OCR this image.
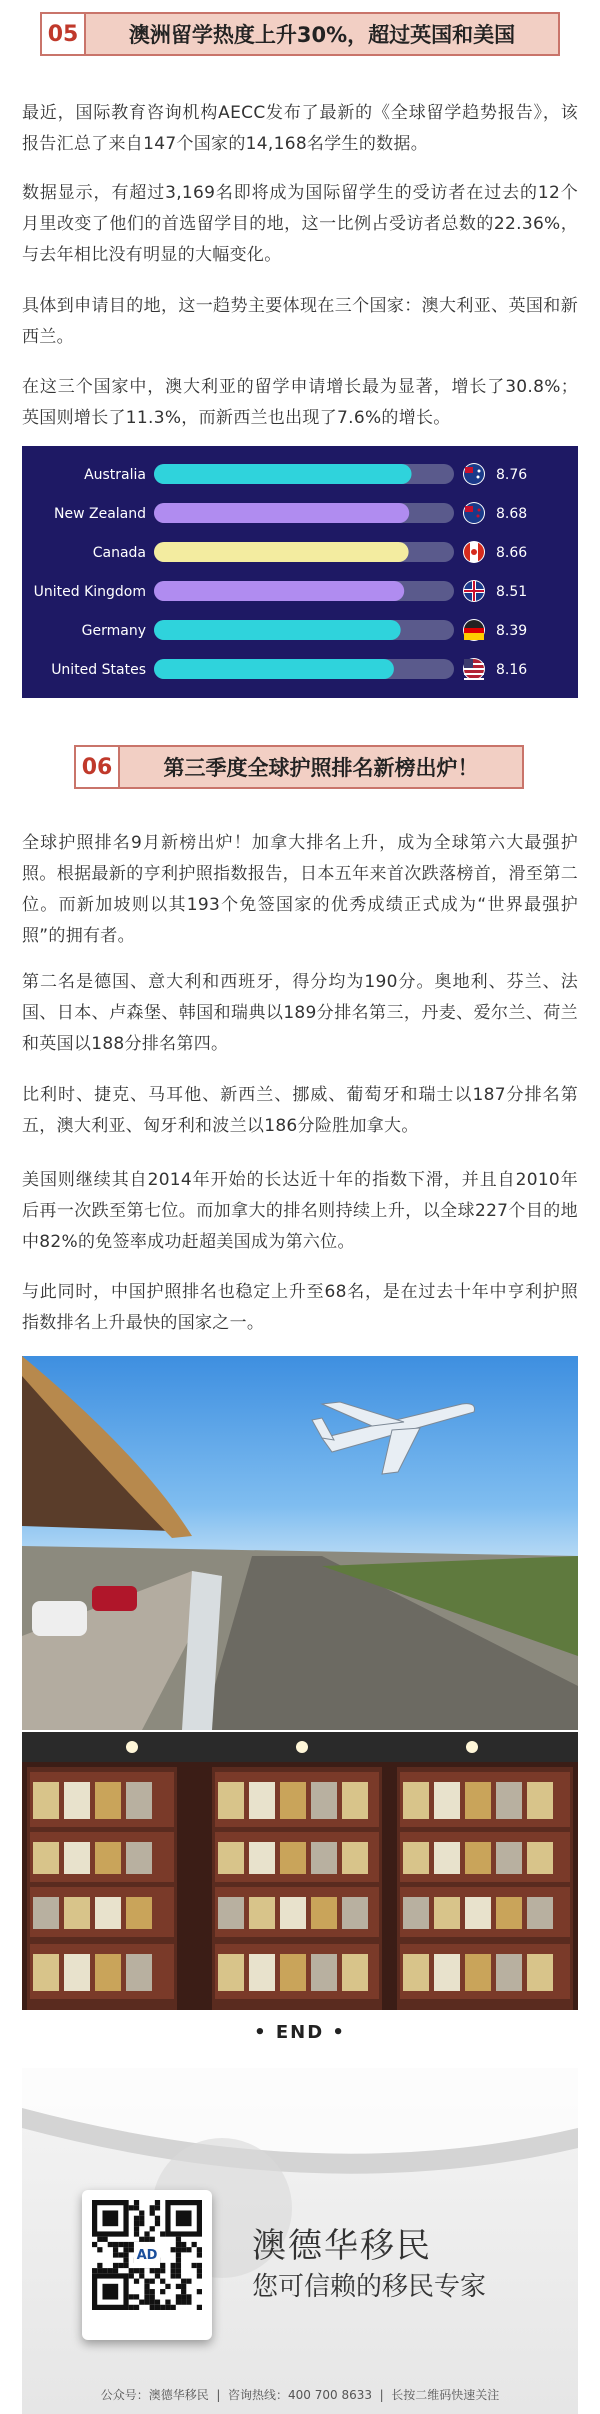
05	澳洲留学热度上升30%，超过英国和美国

最近，国际教育咨询机构AECC发布了最新的《全球留学趋势报告》，该报告汇总了来自147个国家的14,168名学生的数据。

数据显示，有超过3,169名即将成为国际留学生的受访者在过去的12个月里改变了他们的首选留学目的地，这一比例占受访者总数的22.36%，与去年相比没有明显的大幅变化。

具体到申请目的地，这一趋势主要体现在三个国家：澳大利亚、英国和新西兰。

在这三个国家中，澳大利亚的留学申请增长最为显著，增长了30.8%；英国则增长了11.3%，而新西兰也出现了7.6%的增长。

Australia	8.76
New Zealand	8.68
Canada	8.66
United Kingdom	8.51
Germany	8.39
United States	8.16
06	第三季度全球护照排名新榜出炉！

全球护照排名9月新榜出炉！加拿大排名上升，成为全球第六大最强护照。根据最新的亨利护照指数报告，日本五年来首次跌落榜首，滑至第二位。而新加坡则以其193个免签国家的优秀成绩正式成为“世界最强护照”的拥有者。

第二名是德国、意大利和西班牙，得分均为190分。奥地利、芬兰、法国、日本、卢森堡、韩国和瑞典以189分排名第三，丹麦、爱尔兰、荷兰和英国以188分排名第四。

比利时、捷克、马耳他、新西兰、挪威、葡萄牙和瑞士以187分排名第五，澳大利亚、匈牙利和波兰以186分险胜加拿大。

美国则继续其自2014年开始的长达近十年的指数下滑，并且自2010年后再一次跌至第七位。而加拿大的排名则持续上升，以全球227个目的地中82%的免签率成功赶超美国成为第六位。

与此同时，中国护照排名也稳定上升至68名，是在过去十年中亨利护照指数排名上升最快的国家之一。

• END •
AD	澳德华移民
您可信赖的移民专家
公众号：澳德华移民  |  咨询热线：400 700 8633  |  长按二维码快速关注
